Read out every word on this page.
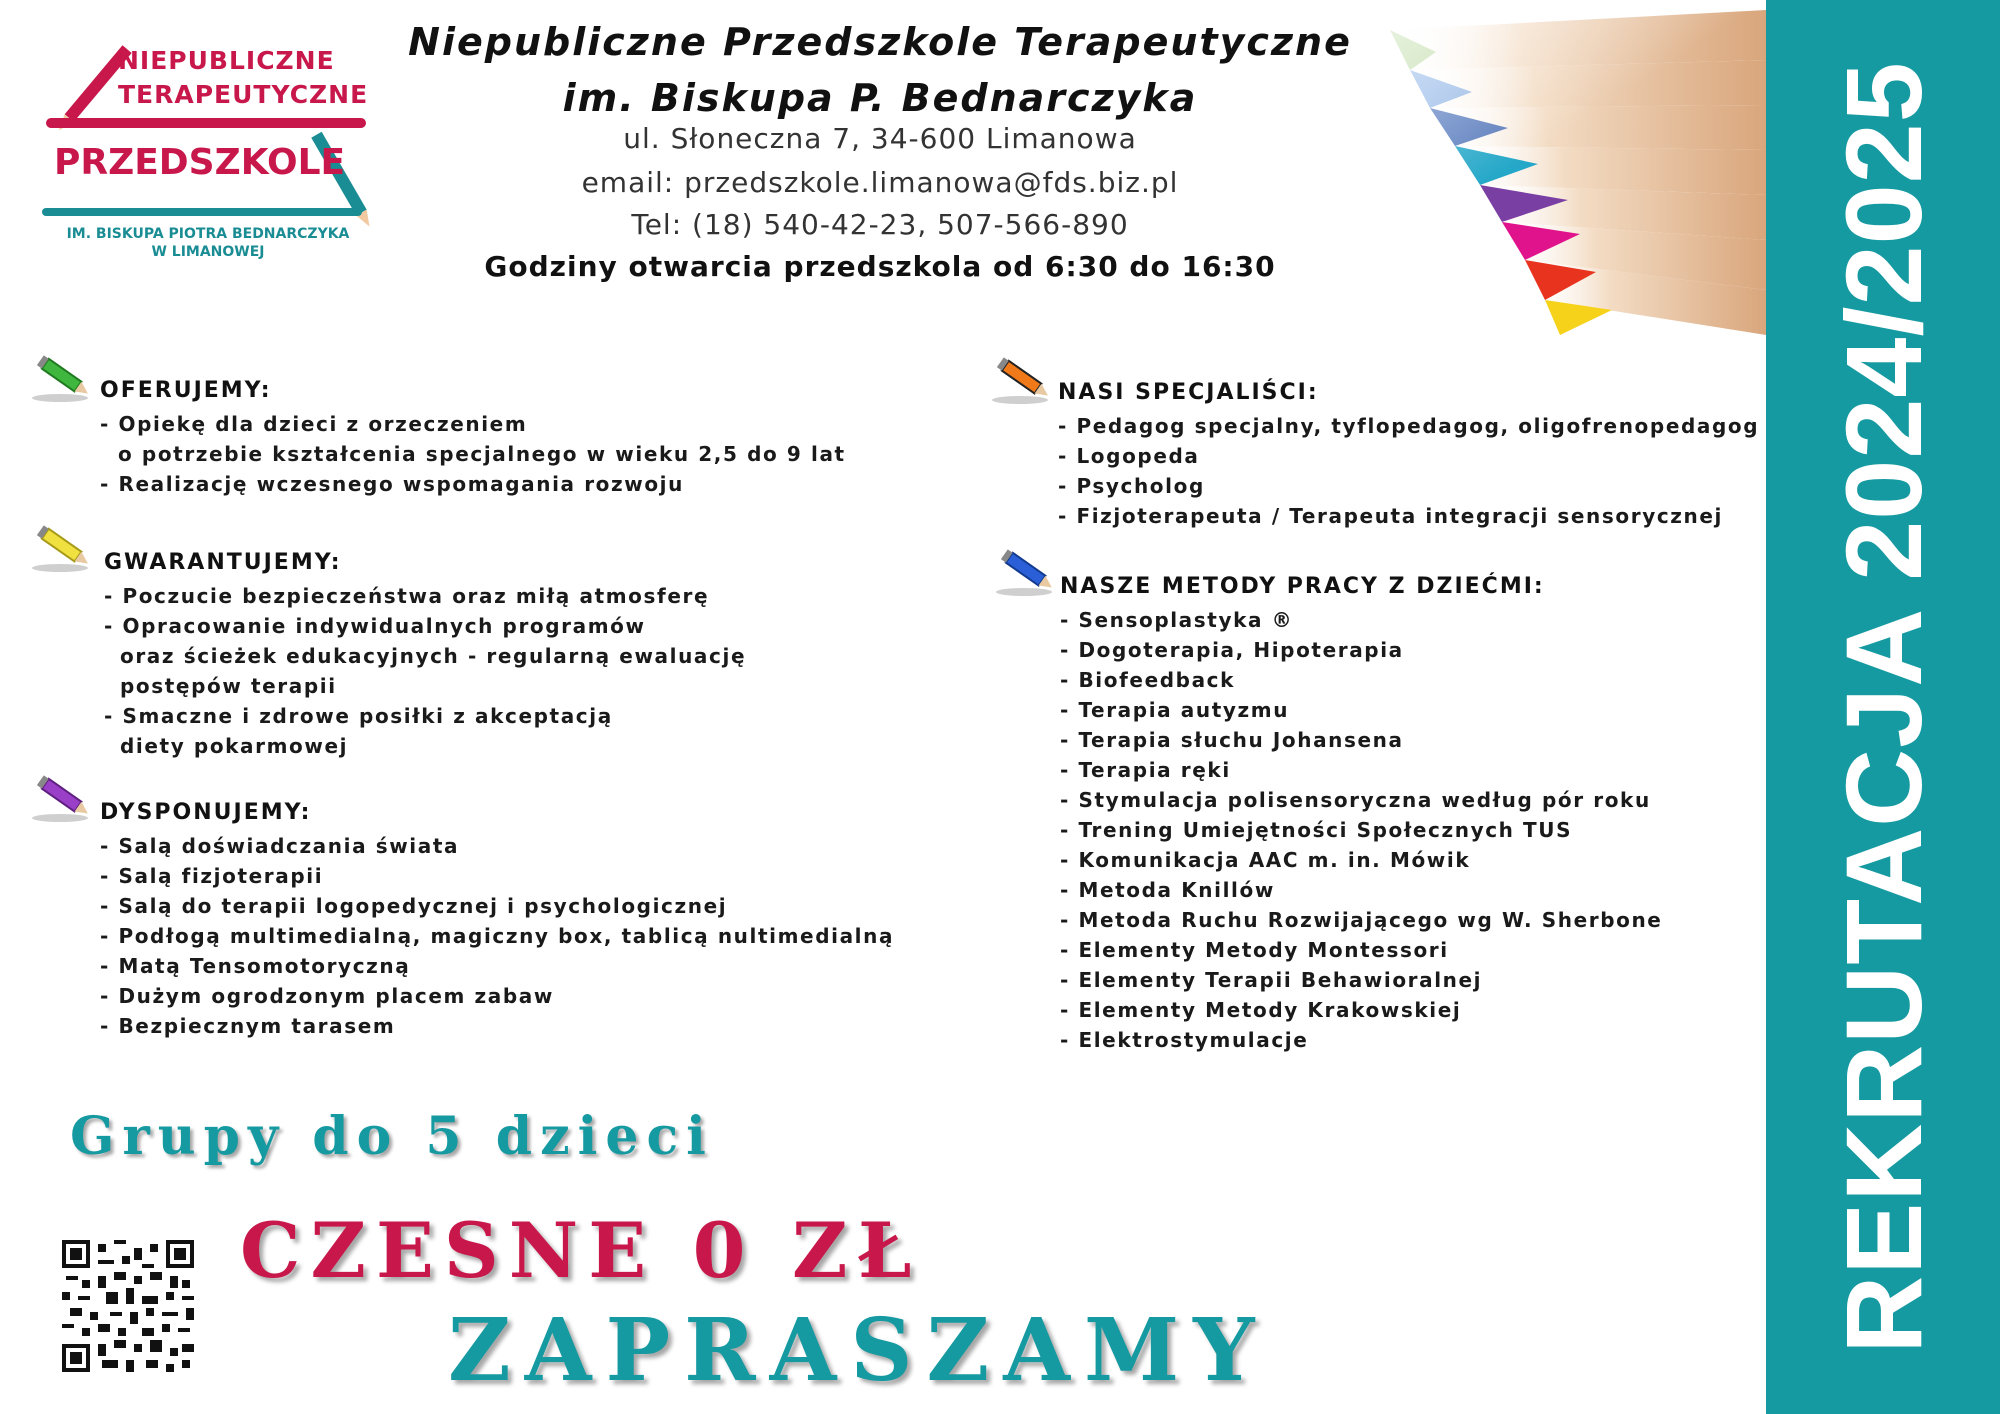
REKRUTACJA 2024/2025
NIEPUBLICZNE
TERAPEUTYCZNE
PRZEDSZKOLE
IM. BISKUPA PIOTRA BEDNARCZYKA
W LIMANOWEJ
Niepubliczne Przedszkole Terapeutyczne
im. Biskupa P. Bednarczyka
ul. Słoneczna 7, 34-600 Limanowa
email: przedszkole.limanowa@fds.biz.pl
Tel: (18) 540-42-23, 507-566-890
Godziny otwarcia przedszkola od 6:30 do 16:30
OFERUJEMY:
- Opiekę dla dzieci z orzeczeniem
o potrzebie kształcenia specjalnego w wieku 2,5 do 9 lat
- Realizację wczesnego wspomagania rozwoju
GWARANTUJEMY:
- Poczucie bezpieczeństwa oraz miłą atmosferę
- Opracowanie indywidualnych programów
oraz ścieżek edukacyjnych - regularną ewaluację
postępów terapii
- Smaczne i zdrowe posiłki z akceptacją
diety pokarmowej
DYSPONUJEMY:
- Salą doświadczania świata
- Salą fizjoterapii
- Salą do terapii logopedycznej i psychologicznej
- Podłogą multimedialną, magiczny box, tablicą nultimedialną
- Matą Tensomotoryczną
- Dużym ogrodzonym placem zabaw
- Bezpiecznym tarasem
NASI SPECJALIŚCI:
- Pedagog specjalny, tyflopedagog, oligofrenopedagog
- Logopeda
- Psycholog
- Fizjoterapeuta / Terapeuta integracji sensorycznej
NASZE METODY PRACY Z DZIEĆMI:
- Sensoplastyka ®
- Dogoterapia, Hipoterapia
- Biofeedback
- Terapia autyzmu
- Terapia słuchu Johansena
- Terapia ręki
- Stymulacja polisensoryczna według pór roku
- Trening Umiejętności Społecznych TUS
- Komunikacja AAC m. in. Mówik
- Metoda Knillów
- Metoda Ruchu Rozwijającego wg W. Sherbone
- Elementy Metody Montessori
- Elementy Terapii Behawioralnej
- Elementy Metody Krakowskiej
- Elektrostymulacje
Grupy do 5 dzieci
CZESNE 0 ZŁ
ZAPRASZAMY
